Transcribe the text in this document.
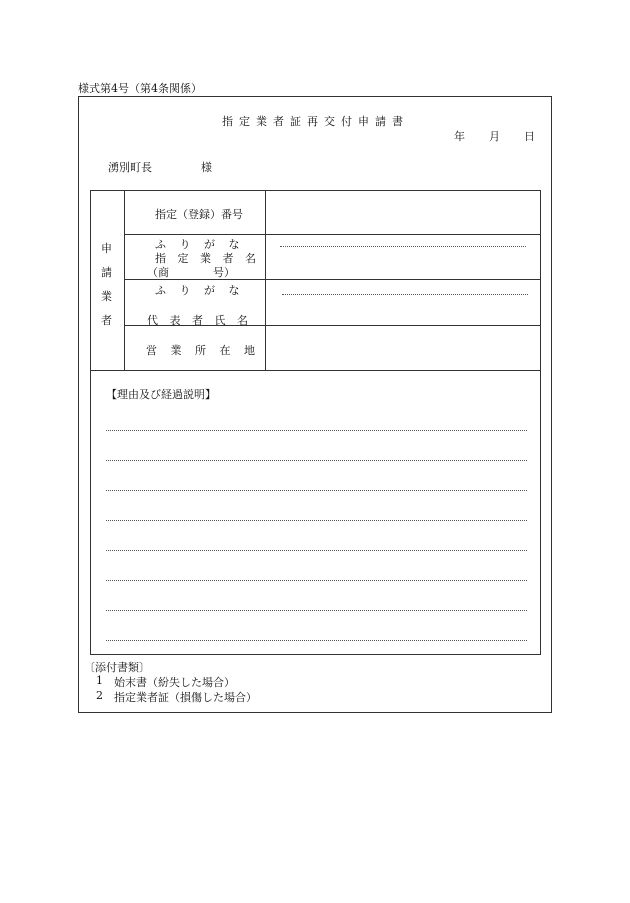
様式第4号（第4条関係）
指定業者証再交付申請書
年 月 日
湧別町長	様
申
請
業
者
指定（登録）番号
ふ り が な
指 定 業 者 名
（商　　　　号）
ふ り が な
代 表 者 氏 名
営 業 所 在 地
【理由及び経過説明】
〔添付書類〕
1 始末書（紛失した場合）
2 指定業者証（損傷した場合）
